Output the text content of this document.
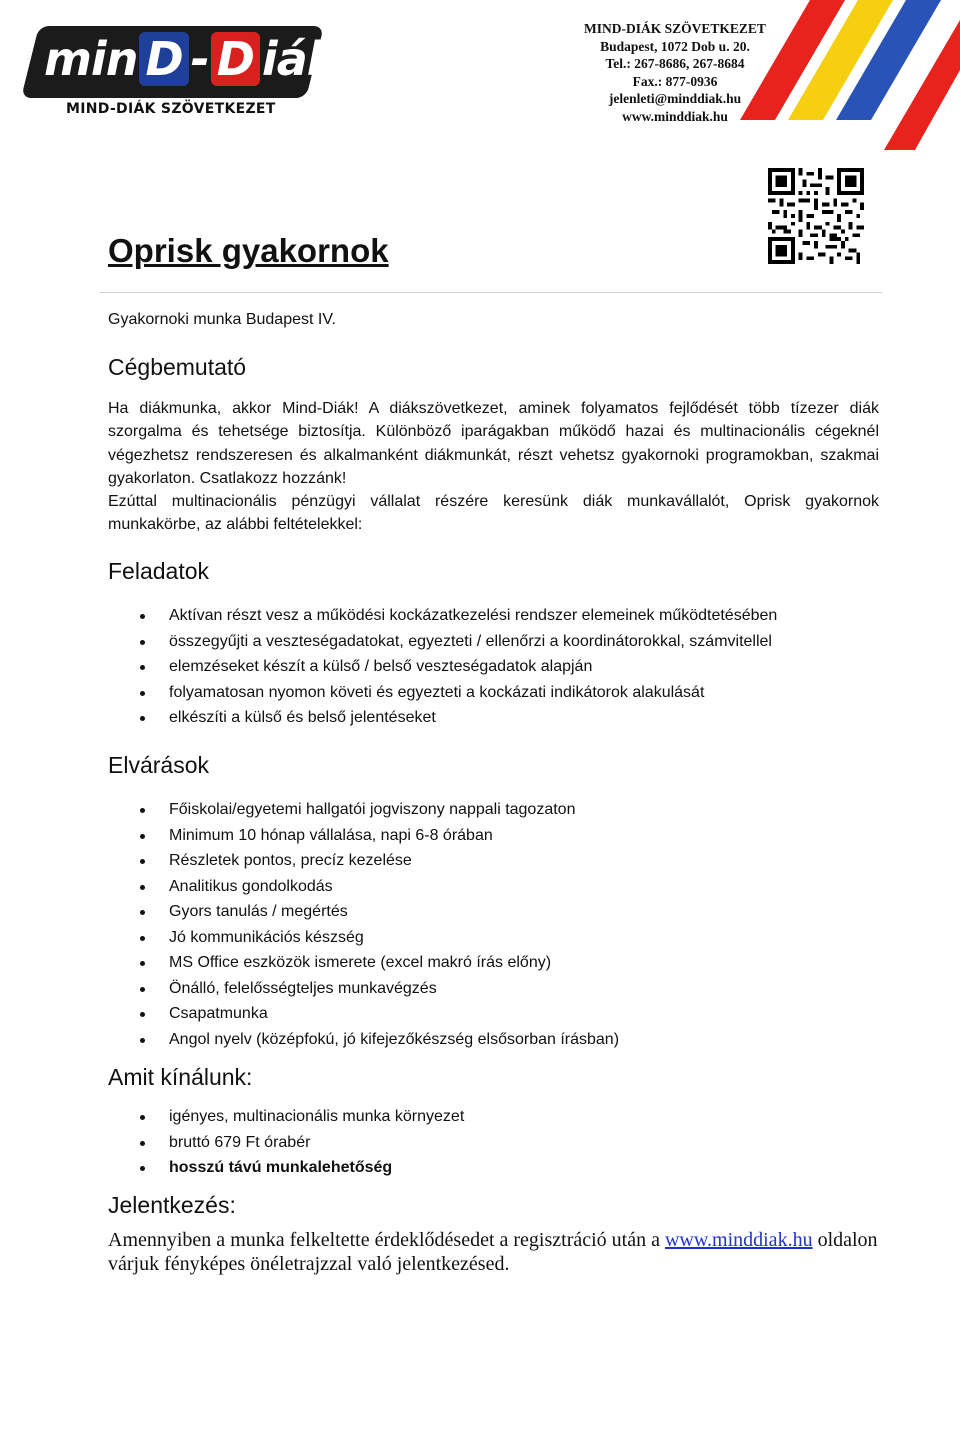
min D - D iák
MIND-DIÁK SZÖVETKEZET
MIND-DIÁK SZÖVETKEZET
Budapest, 1072 Dob u. 20.
Tel.: 267-8686, 267-8684
Fax.: 877-0936
jelenleti@minddiak.hu
www.minddiak.hu
Oprisk gyakornok
Gyakornoki munka Budapest IV.
Cégbemutató
Ha diákmunka, akkor Mind-Diák! A diákszövetkezet, aminek folyamatos fejlődését több tízezer diák szorgalma és tehetsége biztosítja. Különböző iparágakban működő hazai és multinacionális cégeknél végezhetsz rendszeresen és alkalmanként diákmunkát, részt vehetsz gyakornoki programokban, szakmai gyakorlaton. Csatlakozz hozzánk!
Ezúttal multinacionális pénzügyi vállalat részére keresünk diák munkavállalót, Oprisk gyakornok munkakörbe, az alábbi feltételekkel:
Feladatok
Aktívan részt vesz a működési kockázatkezelési rendszer elemeinek működtetésében
összegyűjti a veszteségadatokat, egyezteti / ellenőrzi a koordinátorokkal, számvitellel
elemzéseket készít a külső / belső veszteségadatok alapján
folyamatosan nyomon követi és egyezteti a kockázati indikátorok alakulását
elkészíti a külső és belső jelentéseket
Elvárások
Főiskolai/egyetemi hallgatói jogviszony nappali tagozaton
Minimum 10 hónap vállalása, napi 6-8 órában
Részletek pontos, precíz kezelése
Analitikus gondolkodás
Gyors tanulás / megértés
Jó kommunikációs készség
MS Office eszközök ismerete (excel makró írás előny)
Önálló, felelősségteljes munkavégzés
Csapatmunka
Angol nyelv (középfokú, jó kifejezőkészség elsősorban írásban)
Amit kínálunk:
igényes, multinacionális munka környezet
bruttó 679 Ft órabér
hosszú távú munkalehetőség
Jelentkezés:
Amennyiben a munka felkeltette érdeklődésedet a regisztráció után a www.minddiak.hu oldalon várjuk fényképes önéletrajzzal való jelentkezésed.
